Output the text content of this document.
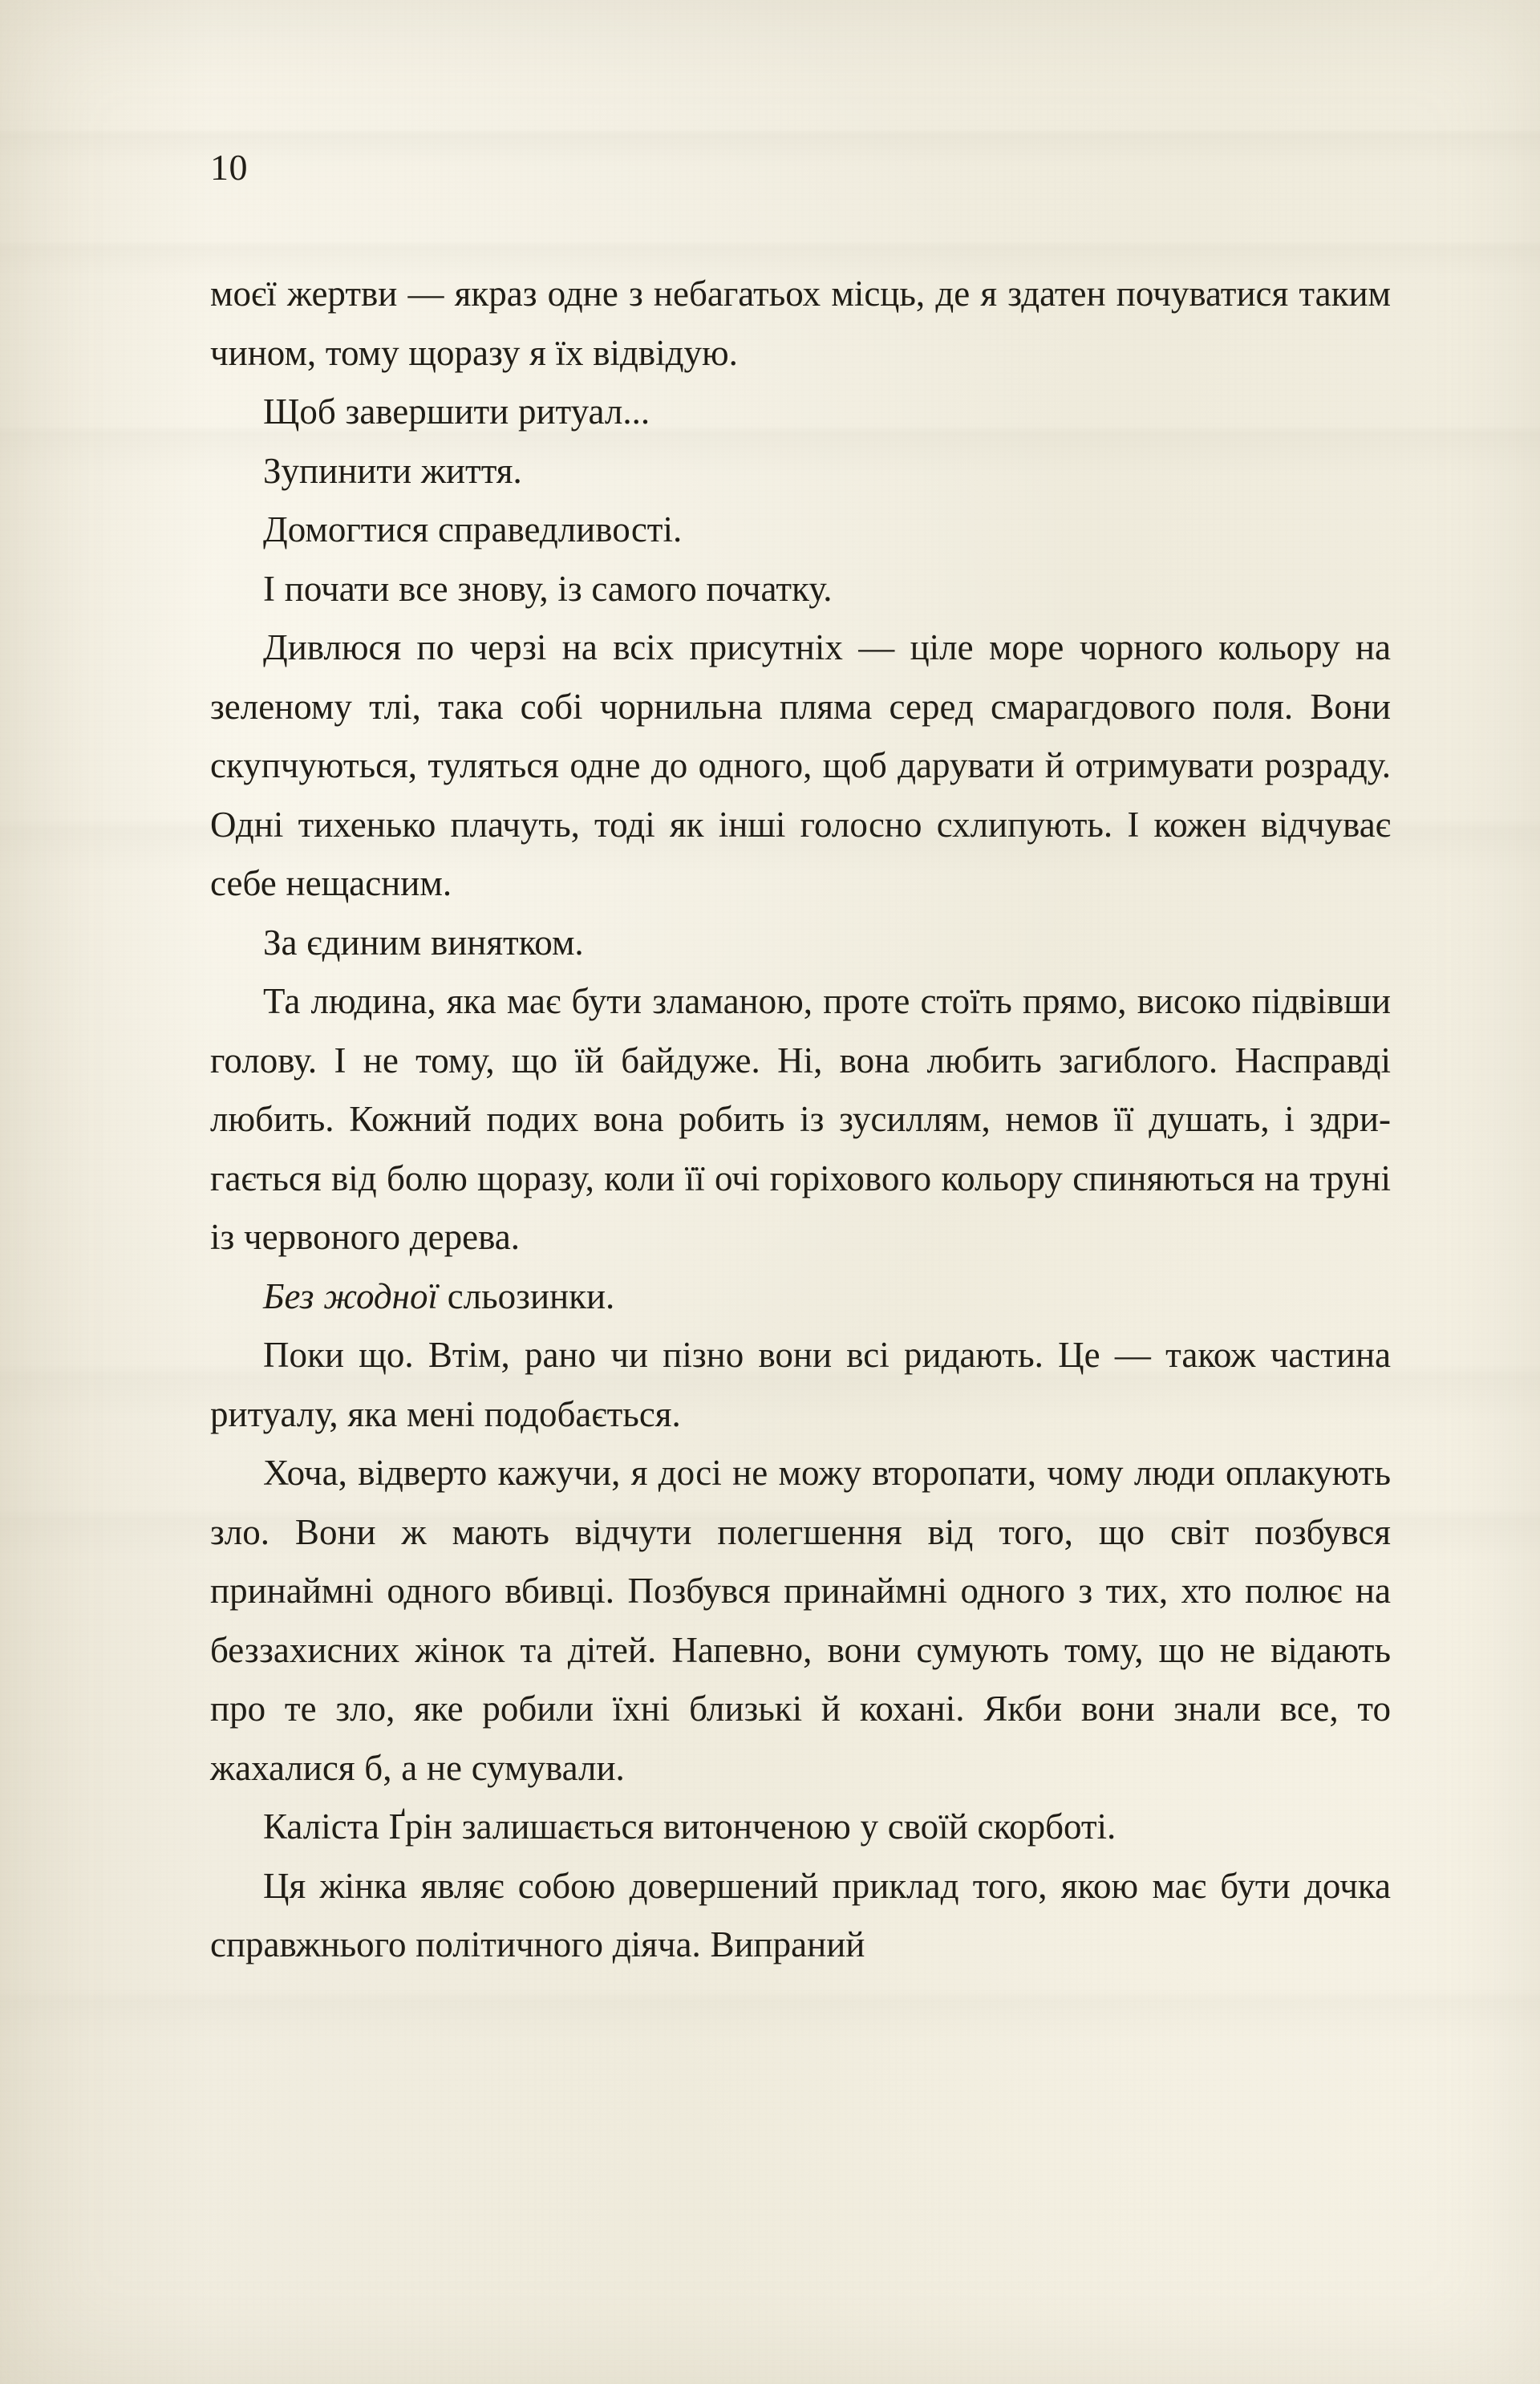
10

моєї жертви — якраз одне з небагатьох місць, де я здатен почуватися таким чином, тому щоразу я їх відвідую.

Щоб завершити ритуал...

Зупинити життя.

Домогтися справедливості.

І почати все знову, із самого початку.

Дивлюся по черзі на всіх присутніх — ціле море чорного кольору на зеленому тлі, така собі чорнильна пляма серед смарагдового поля. Вони скупчуються, туляться одне до одного, щоб дарувати й отримувати розраду. Одні тихенько плачуть, тоді як інші голосно схлипують. І кожен відчуває себе нещасним.

За єдиним винятком.

Та людина, яка має бути зламаною, проте стоїть прямо, високо підвівши голову. І не тому, що їй байдуже. Ні, вона любить загиблого. Насправді любить. Кожний подих вона робить із зусиллям, немов її душать, і здригається від болю щоразу, коли її очі горіхового кольору спиняються на труні із червоного дерева.

Без жодної сльозинки.

Поки що. Втім, рано чи пізно вони всі ридають. Це — також частина ритуалу, яка мені подобається.

Хоча, відверто кажучи, я досі не можу второпати, чому люди оплакують зло. Вони ж мають відчути полегшення від того, що світ позбувся принаймні одного вбивці. Позбувся принаймні одного з тих, хто полює на беззахисних жінок та дітей. Напевно, вони сумують тому, що не відають про те зло, яке робили їхні близькі й кохані. Якби вони знали все, то жахалися б, а не сумували.

Каліста Ґрін залишається витонченою у своїй скорботі.

Ця жінка являє собою довершений приклад того, якою має бути дочка справжнього політичного діяча. Випраний
